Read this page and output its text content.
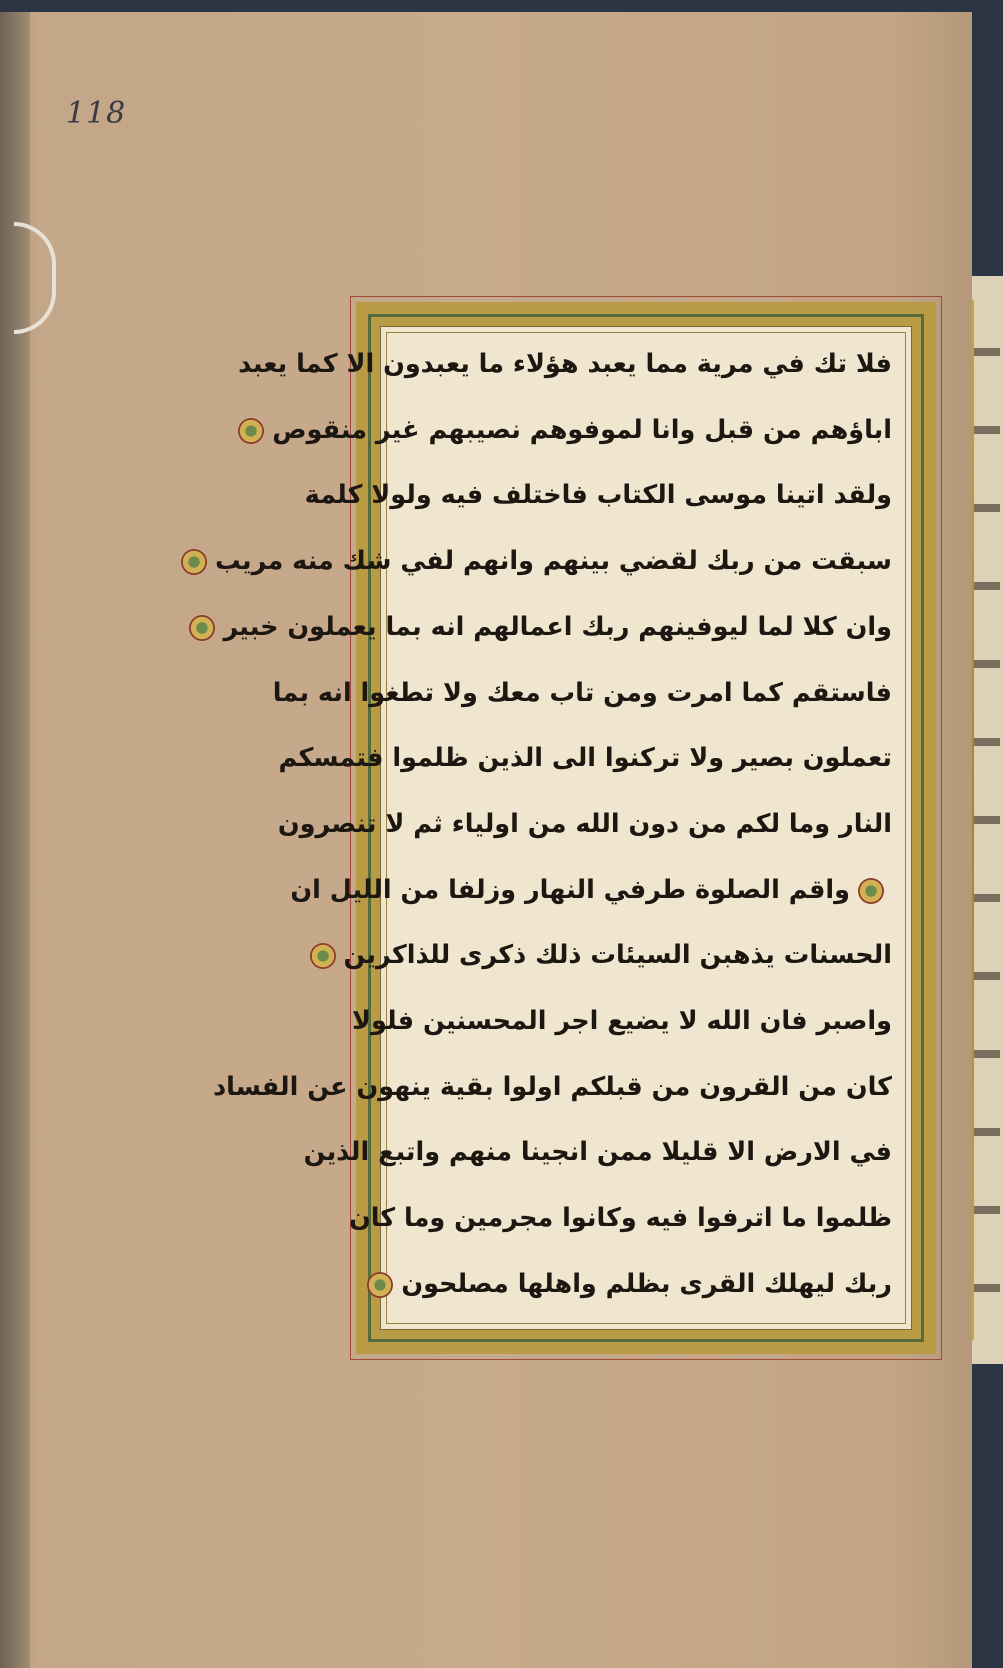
118
فلا تك في مرية مما يعبد هؤلاء ما يعبدون الا كما يعبد
اباؤهم من قبل وانا لموفوهم نصيبهم غير منقوص
ولقد اتينا موسى الكتاب فاختلف فيه ولولا كلمة
سبقت من ربك لقضي بينهم وانهم لفي شك منه مريب
وان كلا لما ليوفينهم ربك اعمالهم انه بما يعملون خبير
فاستقم كما امرت ومن تاب معك ولا تطغوا انه بما
تعملون بصير ولا تركنوا الى الذين ظلموا فتمسكم
النار وما لكم من دون الله من اولياء ثم لا تنصرون
واقم الصلوة طرفي النهار وزلفا من الليل ان
الحسنات يذهبن السيئات ذلك ذكرى للذاكرين
واصبر فان الله لا يضيع اجر المحسنين فلولا
كان من القرون من قبلكم اولوا بقية ينهون عن الفساد
في الارض الا قليلا ممن انجينا منهم واتبع الذين
ظلموا ما اترفوا فيه وكانوا مجرمين وما كان
ربك ليهلك القرى بظلم واهلها مصلحون
